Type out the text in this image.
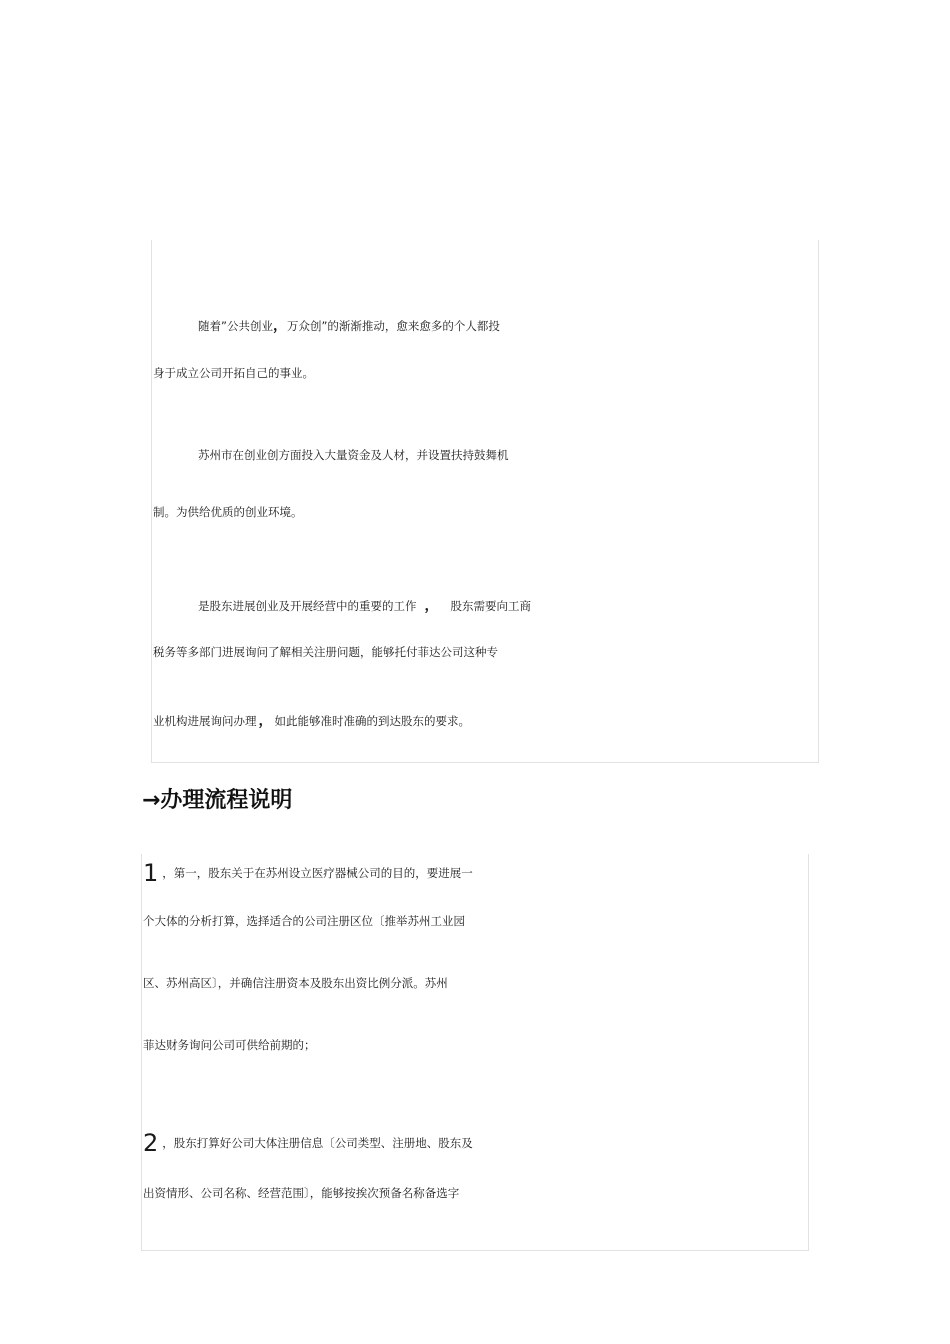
随着”公共创业，万众创”的渐渐推动，愈来愈多的个人都投
身于成立公司开拓自己的事业。
苏州市在创业创方面投入大量资金及人材，并设置扶持鼓舞机
制。为供给优质的创业环境。
是股东进展创业及开展经营中的重要的工作 ， 股东需要向工商
税务等多部门进展询问了解相关注册问题，能够托付菲达公司这种专
业机构进展询问办理 ， 如此能够准时准确的到达股东的要求。
→办理流程说明
1 ，第一，股东关于在苏州设立医疗器械公司的目的，要进展一
个大体的分析打算，选择适合的公司注册区位〔推举苏州工业园
区、苏州高区〕，并确信注册资本及股东出资比例分派。苏州
菲达财务询问公司可供给前期的；
2 ，股东打算好公司大体注册信息〔公司类型、注册地、股东及
出资情形、公司名称、经营范围〕，能够按挨次预备名称备选字
